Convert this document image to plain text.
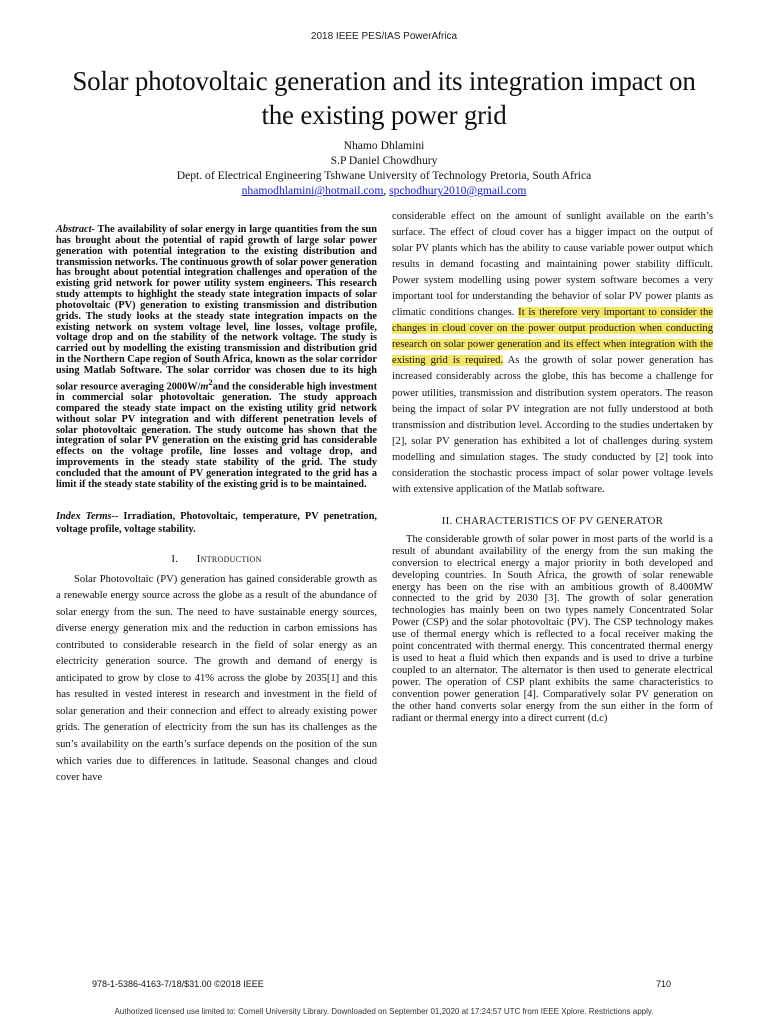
2018 IEEE PES/IAS PowerAfrica
Solar photovoltaic generation and its integration impact on the existing power grid
Nhamo Dhlamini
S.P Daniel Chowdhury
Dept. of Electrical Engineering Tshwane University of Technology Pretoria, South Africa
nhamodhlamini@hotmail.com, spchodhury2010@gmail.com

Abstract- The availability of solar energy in large quantities from the sun has brought about the potential of rapid growth of large solar power generation with potential integration to the existing distribution and transmission networks. The continuous growth of solar power generation has brought about potential integration challenges and operation of the existing grid network for power utility system engineers. This research study attempts to highlight the steady state integration impacts of solar photovoltaic (PV) generation to existing transmission and distribution grids. The study looks at the steady state integration impacts on the existing network on system voltage level, line losses, voltage profile, voltage drop and on the stability of the network voltage. The study is carried out by modelling the existing transmission and distribution grid in the Northern Cape region of South Africa, known as the solar corridor using Matlab Software. The solar corridor was chosen due to its high solar resource averaging $2000W/m^2and$ the considerable high investment in commercial solar photovoltaic generation. The study approach compared the steady state impact on the existing utility grid network without solar PV integration and with different penetration levels of solar photovoltaic generation. The study outcome has shown that the integration of solar PV generation on the existing grid has considerable effects on the voltage profile, line losses and voltage drop, and improvements in the steady state stability of the grid. The study concluded that the amount of PV generation integrated to the grid has a limit if the steady state stability of the existing grid is to be maintained.

Index Terms-- Irradiation, Photovoltaic, temperature, PV penetration, voltage profile, voltage stability.

I. Introduction

Solar Photovoltaic (PV) generation has gained considerable growth as a renewable energy source across the globe as a result of the abundance of solar energy from the sun. The need to have sustainable energy sources, diverse energy generation mix and the reduction in carbon emissions has contributed to considerable research in the field of solar energy as an electricity generation source. The growth and demand of energy is anticipated to grow by close to 41% across the globe by 2035[1] and this has resulted in vested interest in research and investment in the field of solar generation and their connection and effect to already existing power grids. The generation of electricity from the sun has its challenges as the sun’s availability on the earth’s surface depends on the position of the sun which varies due to differences in latitude. Seasonal changes and cloud cover have

considerable effect on the amount of sunlight available on the earth’s surface. The effect of cloud cover has a bigger impact on the output of solar PV plants which has the ability to cause variable power output which results in demand focasting and maintaining power stability difficult. Power system modelling using power system software becomes a very important tool for understanding the behavior of solar PV power plants as climatic conditions changes. It is therefore very important to consider the changes in cloud cover on the power output production when conducting research on solar power generation and its effect when integration with the existing grid is required. As the growth of solar power generation has increased considerably across the globe, this has become a challenge for power utilities, transmission and distribution system operators. The reason being the impact of solar PV integration are not fully understood at both transmission and distribution level. According to the studies undertaken by [2], solar PV generation has exhibited a lot of challenges during system modelling and simulation stages. The study conducted by [2] took into consideration the stochastic process impact of solar power voltage levels with extensive application of the Matlab software.

II. CHARACTERISTICS OF PV GENERATOR

The considerable growth of solar power in most parts of the world is a result of abundant availability of the energy from the sun making the conversion to electrical energy a major priority in both developed and developing countries. In South Africa, the growth of solar renewable energy has been on the rise with an ambitious growth of 8.400MW connected to the grid by 2030 [3]. The growth of solar generation technologies has mainly been on two types namely Concentrated Solar Power (CSP) and the solar photovoltaic (PV). The CSP technology makes use of thermal energy which is reflected to a focal receiver making the point concentrated with thermal energy. This concentrated thermal energy is used to heat a fluid which then expands and is used to drive a turbine coupled to an alternator. The alternator is then used to generate electrical power. The operation of CSP plant exhibits the same characteristics to convention power generation [4]. Comparatively solar PV generation on the other hand converts solar energy from the sun either in the form of radiant or thermal energy into a direct current (d.c)

978-1-5386-4163-7/18/$31.00 ©2018 IEEE	710
Authorized licensed use limited to: Cornell University Library. Downloaded on September 01,2020 at 17:24:57 UTC from IEEE Xplore. Restrictions apply.
